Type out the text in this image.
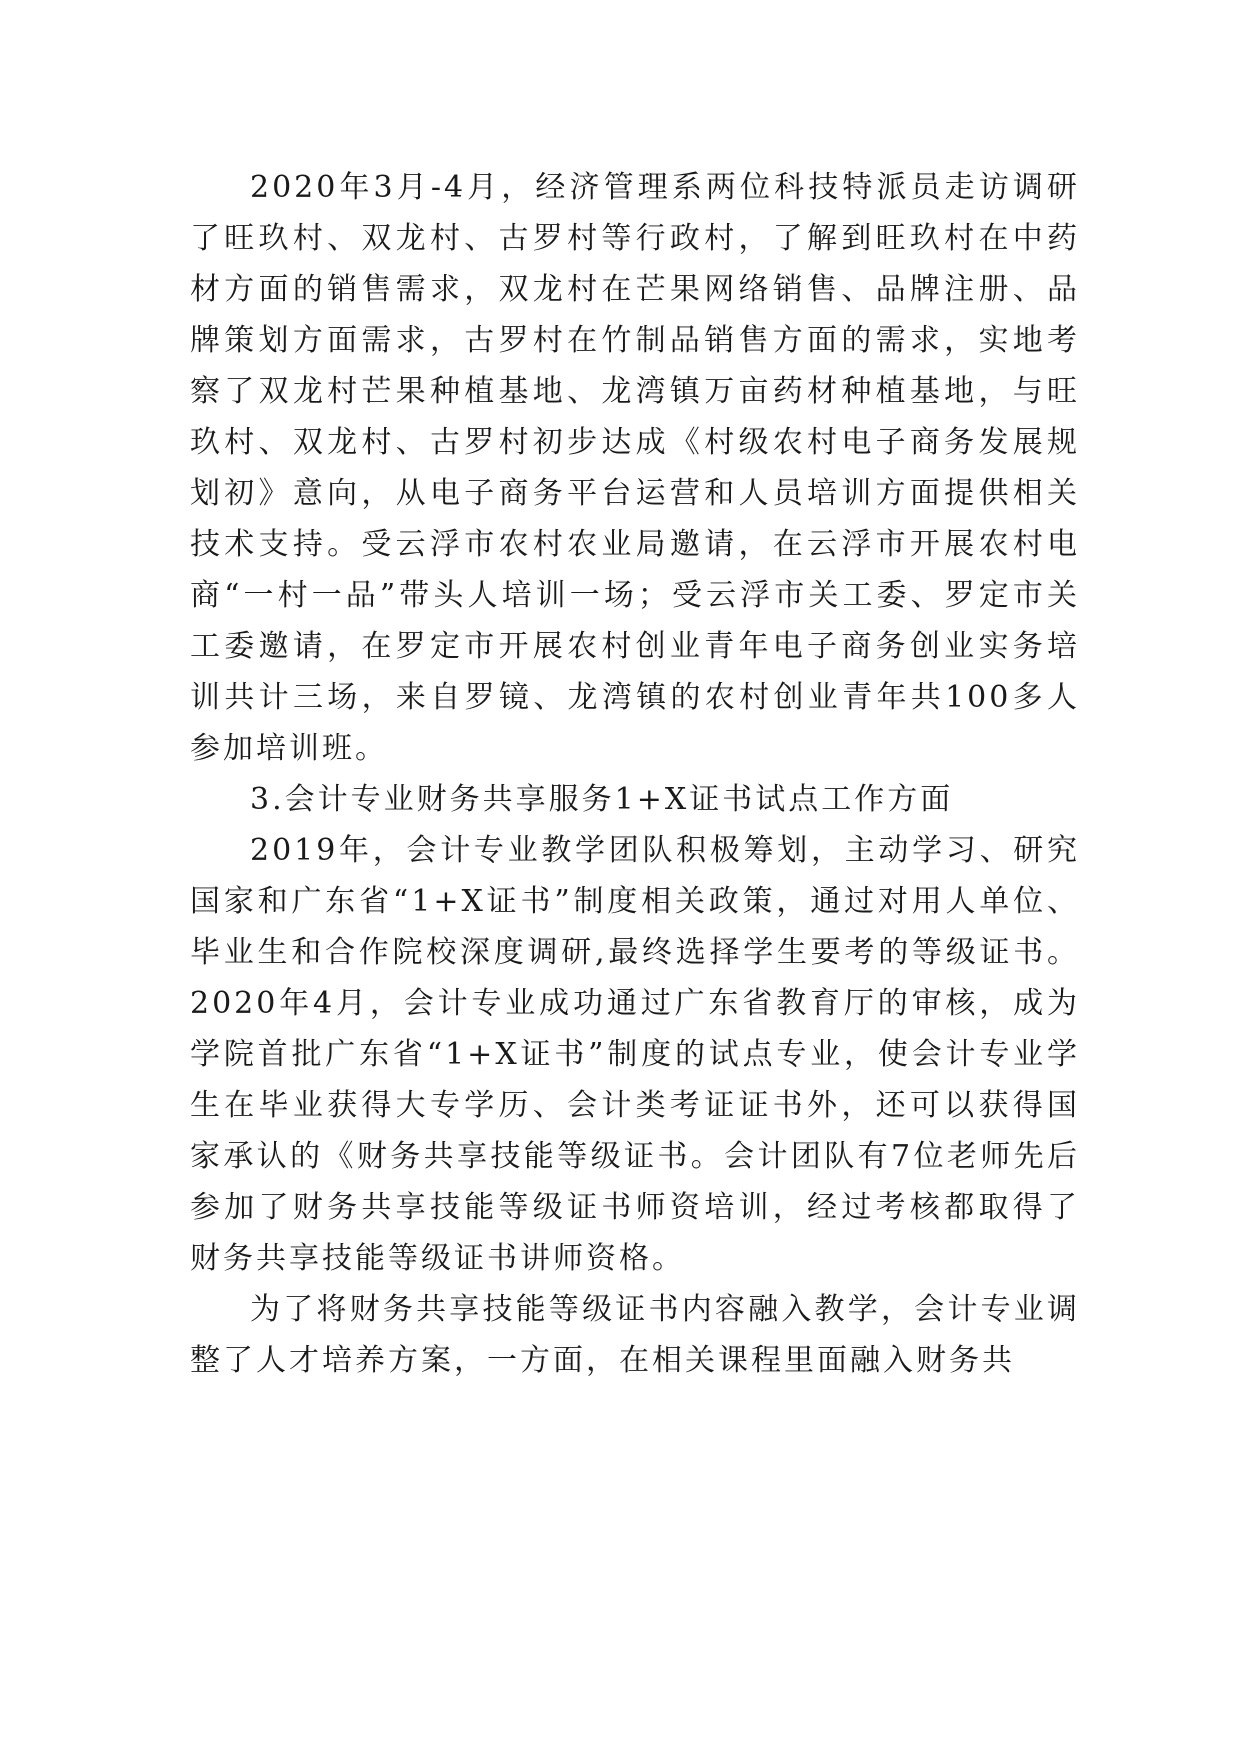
2020年3月-4月，经济管理系两位科技特派员走访调研了旺玖村、双龙村、古罗村等行政村，了解到旺玖村在中药材方面的销售需求，双龙村在芒果网络销售、品牌注册、品牌策划方面需求，古罗村在竹制品销售方面的需求，实地考察了双龙村芒果种植基地、龙湾镇万亩药材种植基地，与旺玖村、双龙村、古罗村初步达成《村级农村电子商务发展规划初》意向，从电子商务平台运营和人员培训方面提供相关技术支持。受云浮市农村农业局邀请，在云浮市开展农村电商“一村一品”带头人培训一场；受云浮市关工委、罗定市关工委邀请，在罗定市开展农村创业青年电子商务创业实务培训共计三场，来自罗镜、龙湾镇的农村创业青年共100多人参加培训班。

3.会计专业财务共享服务1+X证书试点工作方面

2019年，会计专业教学团队积极筹划，主动学习、研究国家和广东省“1+X证书”制度相关政策，通过对用人单位、毕业生和合作院校深度调研,最终选择学生要考的等级证书。2020年4月，会计专业成功通过广东省教育厅的审核，成为学院首批广东省“1+X证书”制度的试点专业，使会计专业学生在毕业获得大专学历、会计类考证证书外，还可以获得国家承认的《财务共享技能等级证书。会计团队有7位老师先后参加了财务共享技能等级证书师资培训，经过考核都取得了财务共享技能等级证书讲师资格。

为了将财务共享技能等级证书内容融入教学，会计专业调整了人才培养方案，一方面，在相关课程里面融入财务共
